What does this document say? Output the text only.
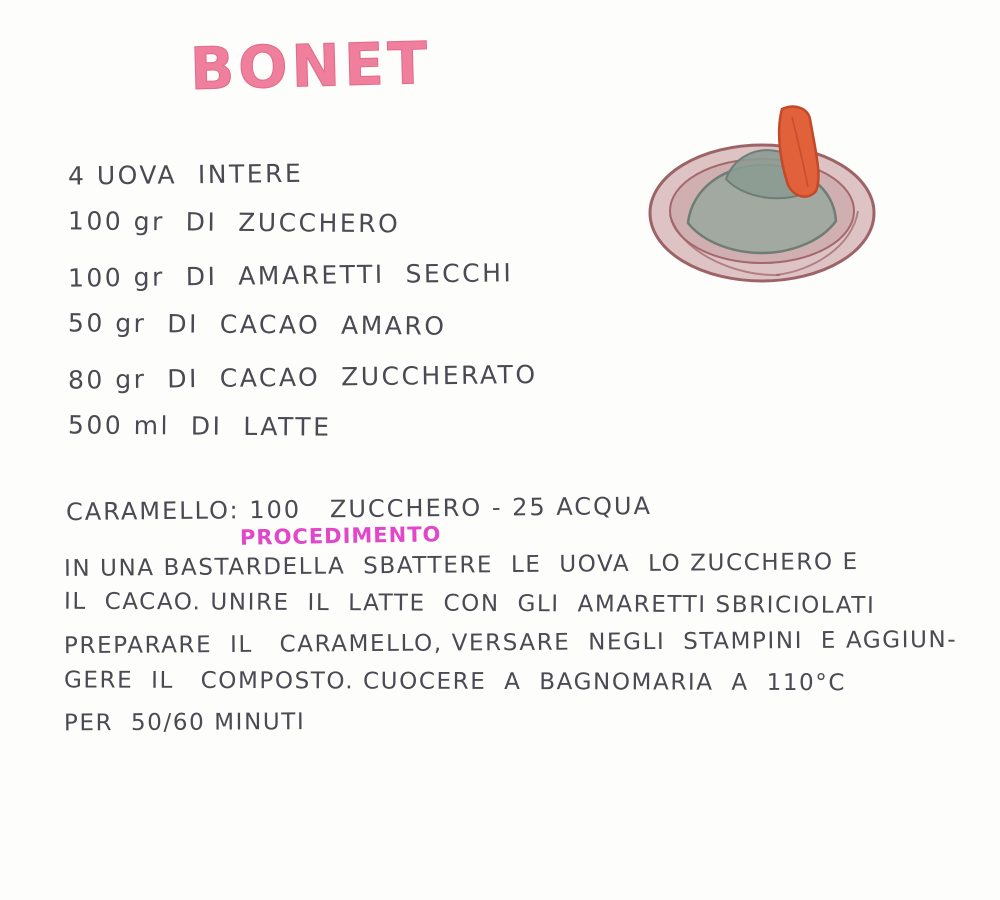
BONET
4 UOVA  INTERE
100 gr  DI  ZUCCHERO
100 gr  DI  AMARETTI  SECCHI
50 gr  DI  CACAO  AMARO
80 gr  DI  CACAO  ZUCCHERATO
500 ml  DI  LATTE
CARAMELLO: 100   ZUCCHERO - 25 ACQUA
PROCEDIMENTO
IN UNA BASTARDELLA  SBATTERE  LE  UOVA  LO ZUCCHERO E
IL  CACAO. UNIRE  IL  LATTE  CON  GLI  AMARETTI SBRICIOLATI
PREPARARE  IL   CARAMELLO, VERSARE  NEGLI  STAMPINI  E AGGIUN-
GERE  IL   COMPOSTO. CUOCERE  A  BAGNOMARIA  A  110°C
PER  50/60 MINUTI
